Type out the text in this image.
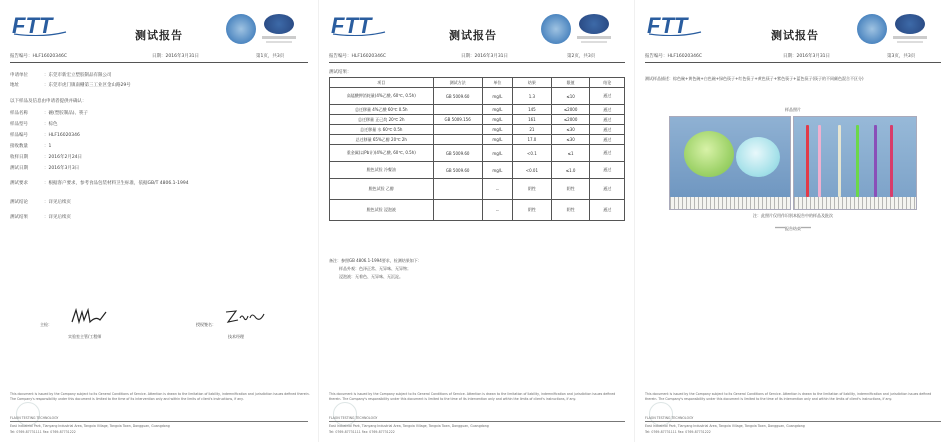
FTT	测试报告
报告编号：HLF16020346C	日期：2016年3月31日	第1页，共3页
申请单位	：东莞市新宏立塑胶制品有限公司
地址	：东莞市虎门镇南栅第三工业区金山路29号
以下样品及信息由申请者提供并确认：
样品名称	：碗(塑胶制品)、筷子
样品型号	：棕色
样品编号	：HLF16020346
接收数量	：1
收样日期	：2016年2月24日
测试日期	：2016年3月3日
测试要求	：根据客户要求，参考食品包装材料卫生标准，依据GB/T 4806.1-1994
测试结论	：详见后续页
测试结果	：详见后续页
主检：
实验室主管/工程师
授权签名：
技术经理
This document is issued by the Company subject to its General Conditions of Service. Attention is drawn to the limitation of liability, indemnification and jurisdiction issues defined therein. The Company's responsibility under this document is limited to the time of its intervention only and within the limits of client's instructions, if any.
FLAON TESTING TECHNOLOGY
East Industrial Park, Tianyang Industrial Area, Tangxia Village, Tangxia Town, Dongguan, Guangdong
Tel: 0769-87731111 Fax: 0769-87731222
FTT	测试报告
报告编号：HLF16020346C	日期：2016年3月31日	第2页，共3页
测试结果：
项目	测试方法	单位	结果	限值	结论
高锰酸钾消耗量(4%乙酸, 60℃, 0.5h)	GB 5009.60	mg/L	1.3	≤10	通过
总迁移量 4%乙酸 60℃ 0.5h		mg/L	145	≤2000	通过
总迁移量 正己烷 20℃ 2h	GB 5009.156	mg/L	161	≤2000	通过
总迁移量 水 60℃ 0.5h		mg/L	21	≤30	通过
总迁移量 65%乙醇 20℃ 2h		mg/L	17.0	≤30	通过
重金属(以Pb计)(4%乙酸, 60℃, 0.5h)	GB 5009.60	mg/L	<0.1	≤1	通过
脱色试验 冷餐油	GB 5009.60	mg/L	<0.01	≤1.0	通过
脱色试验 乙醇		--	阴性	阴性	通过
脱色试验 浸泡液		--	阴性	阴性	通过
备注：参照GB 4806.1-1994要求，检测结果如下：
样品外观：色泽正常、无异味、无异物；
浸泡液：无着色、无异味、无沉淀。
This document is issued by the Company subject to its General Conditions of Service. Attention is drawn to the limitation of liability, indemnification and jurisdiction issues defined therein. The Company's responsibility under this document is limited to the time of its intervention only and within the limits of client's instructions, if any.
FLAON TESTING TECHNOLOGY
East Industrial Park, Tianyang Industrial Area, Tangxia Village, Tangxia Town, Dongguan, Guangdong
Tel: 0769-87731111 Fax: 0769-87731222
FTT	测试报告
报告编号：HLF16020346C	日期：2016年3月31日	第3页，共3页
测试样品描述：棕色碗+黄色碗+白色碗+绿色筷子+红色筷子+黄色筷子+紫色筷子+蓝色筷子(筷子的不同颜色混合不区分)
样品照片
注：此照片仅用作识别本报告中的样品及批次
*****报告结束*****
This document is issued by the Company subject to its General Conditions of Service. Attention is drawn to the limitation of liability, indemnification and jurisdiction issues defined therein. The Company's responsibility under this document is limited to the time of its intervention only and within the limits of client's instructions, if any.
FLAON TESTING TECHNOLOGY
East Industrial Park, Tianyang Industrial Area, Tangxia Village, Tangxia Town, Dongguan, Guangdong
Tel: 0769-87731111 Fax: 0769-87731222
